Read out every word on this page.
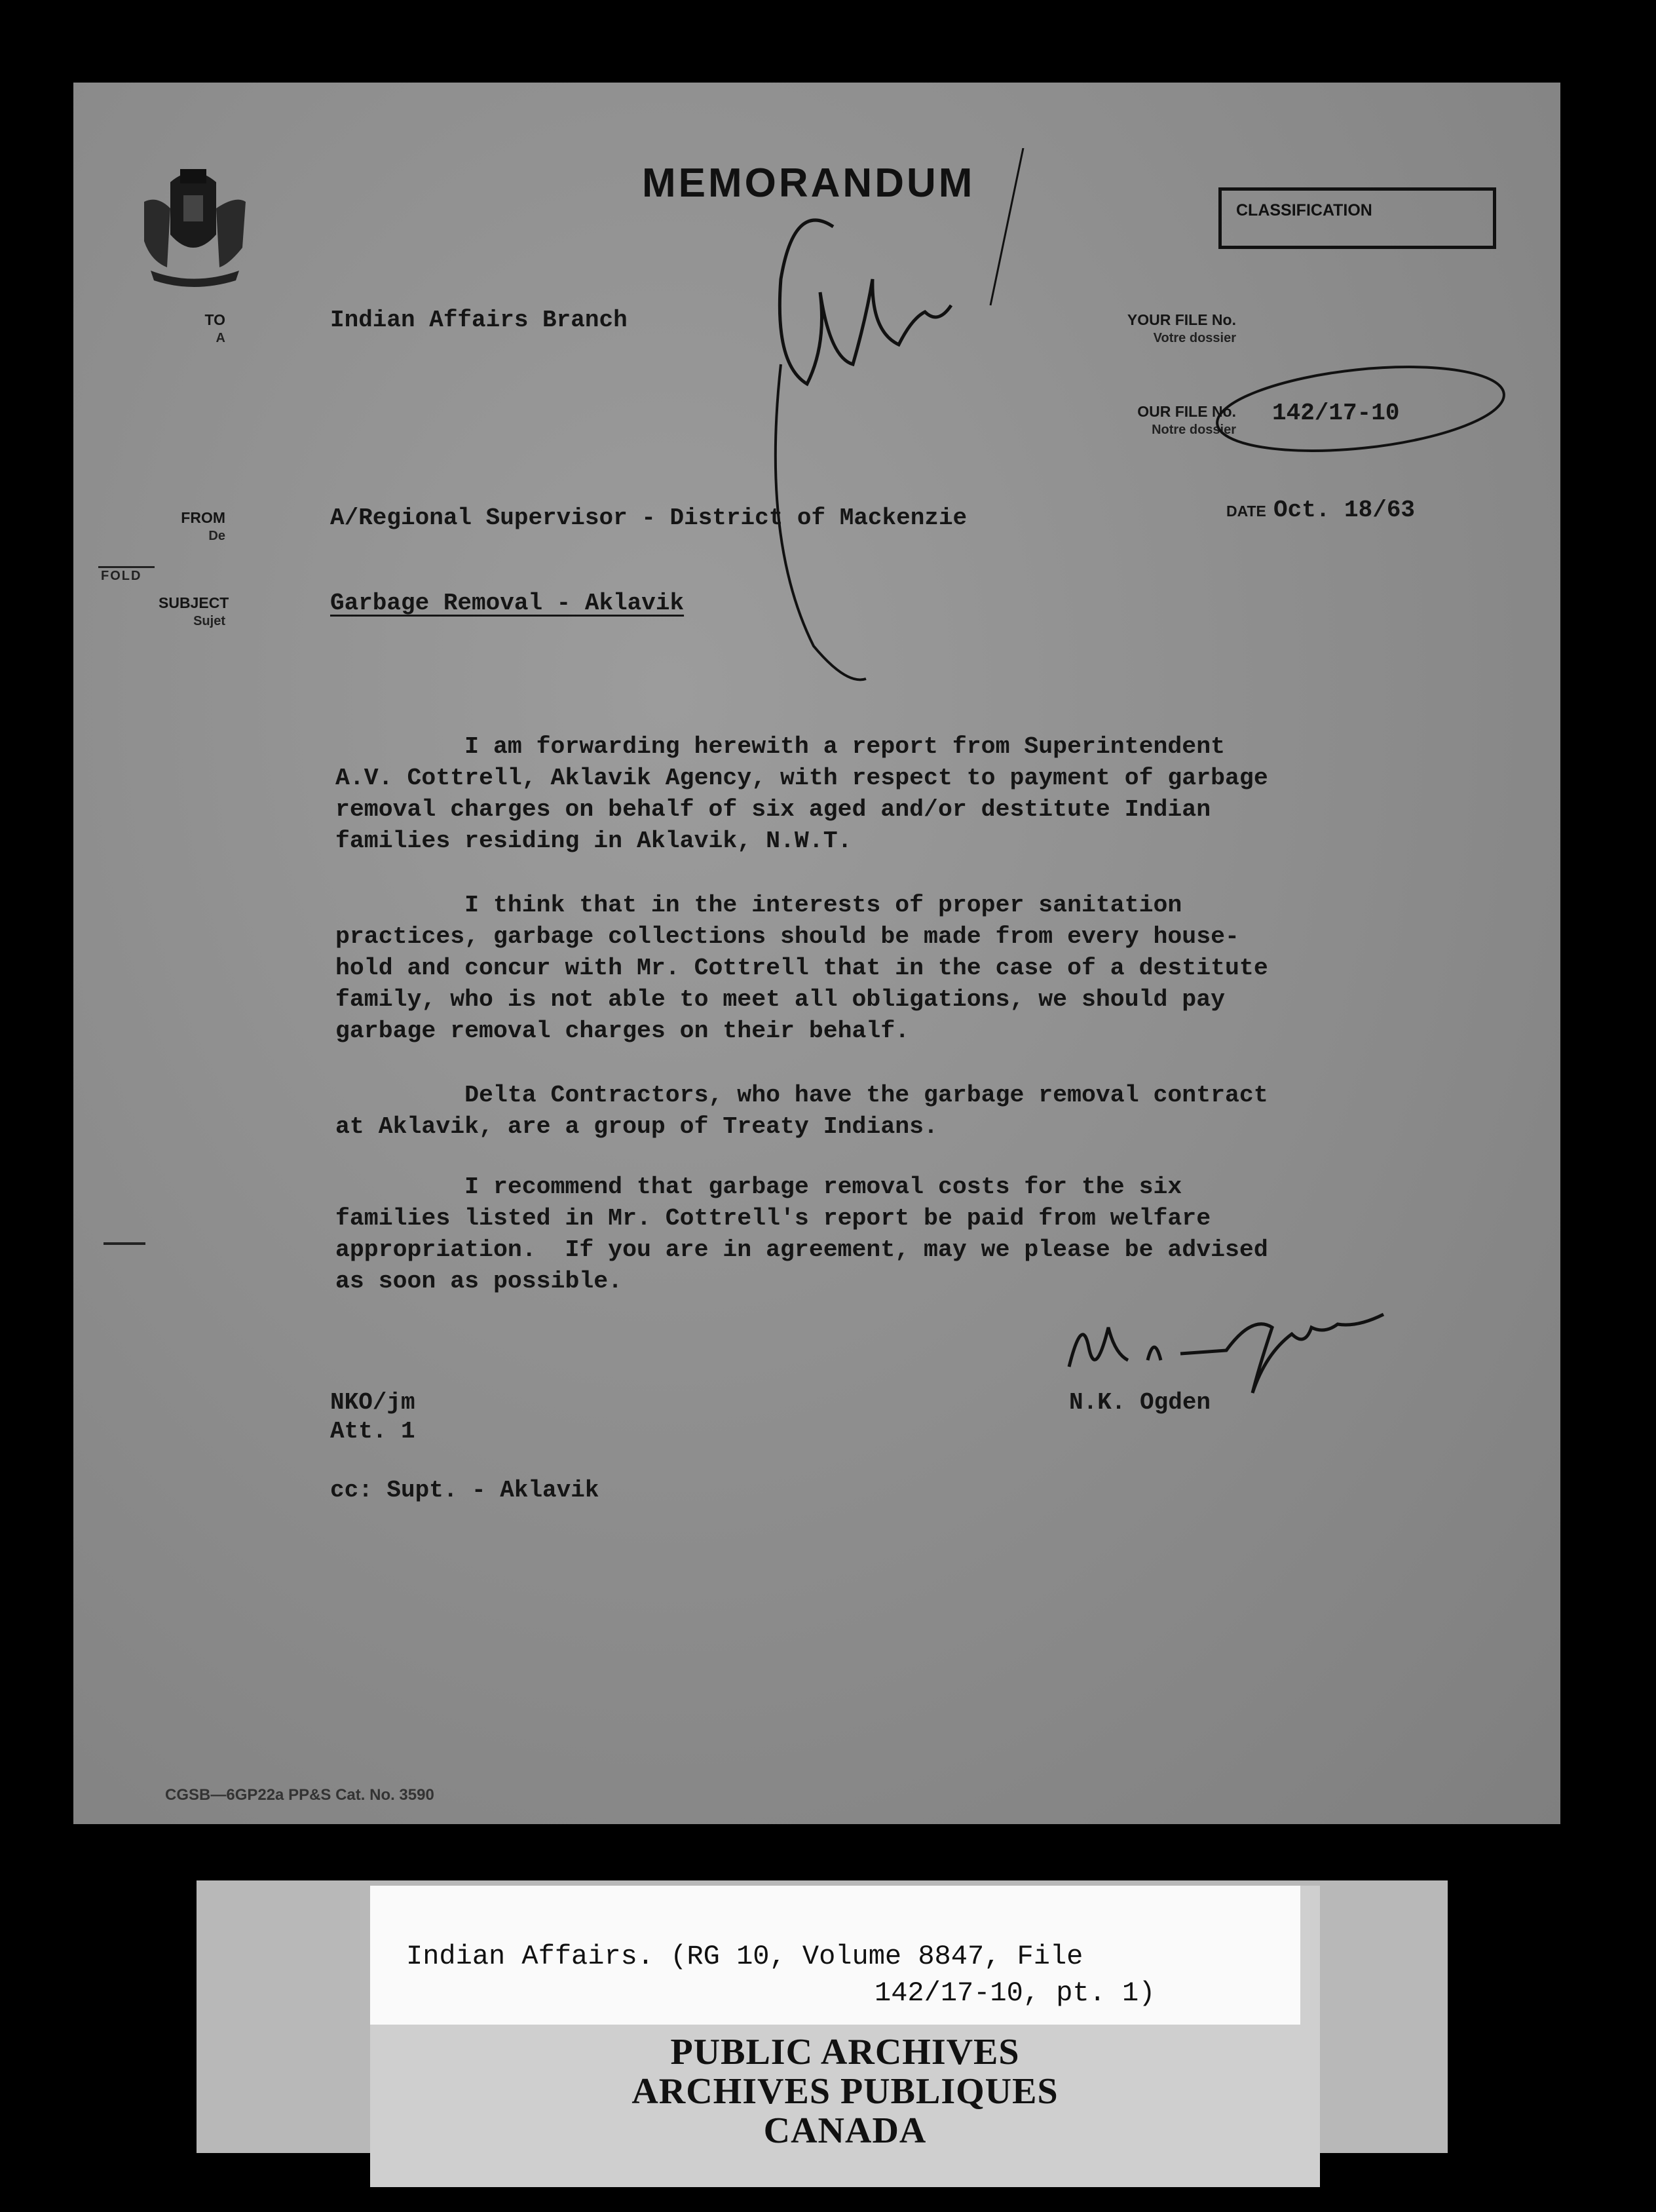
MEMORANDUM
CLASSIFICATION
TO
A
Indian Affairs Branch	YOUR FILE No.
Votre dossier
OUR FILE No.
Notre dossier
142/17-10
FROM
De
A/Regional Supervisor - District of Mackenzie	DATE Oct. 18/63
FOLD
SUBJECT
Sujet
Garbage Removal - Aklavik
I am forwarding herewith a report from Superintendent
A.V. Cottrell, Aklavik Agency, with respect to payment of garbage
removal charges on behalf of six aged and/or destitute Indian
families residing in Aklavik, N.W.T.
I think that in the interests of proper sanitation
practices, garbage collections should be made from every house-
hold and concur with Mr. Cottrell that in the case of a destitute
family, who is not able to meet all obligations, we should pay
garbage removal charges on their behalf.
Delta Contractors, who have the garbage removal contract
at Aklavik, are a group of Treaty Indians.
I recommend that garbage removal costs for the six
families listed in Mr. Cottrell's report be paid from welfare
appropriation.  If you are in agreement, may we please be advised
as soon as possible.
NKO/jm
Att. 1
cc: Supt. - Aklavik
N.K. Ogden
CGSB—6GP22a PP&S Cat. No. 3590
Indian Affairs. (RG 10, Volume 8847, File
142/17-10, pt. 1)
PUBLIC ARCHIVES
ARCHIVES PUBLIQUES
CANADA
